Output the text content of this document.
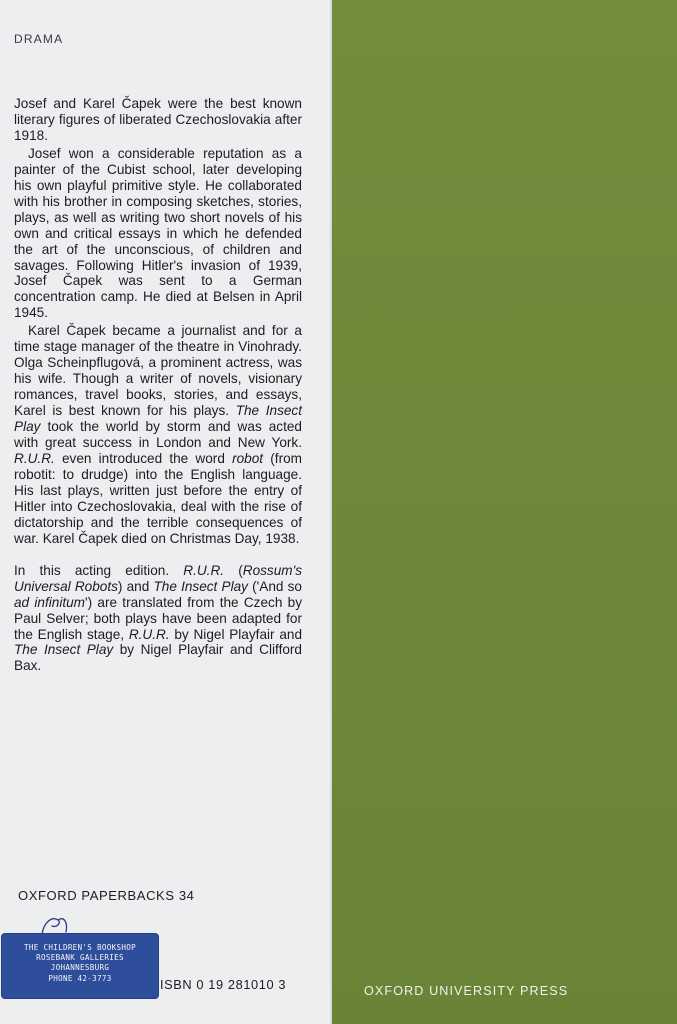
DRAMA

Josef and Karel Čapek were the best known literary figures of liberated Czechoslovakia after 1918.

Josef won a considerable reputation as a painter of the Cubist school, later developing his own playful primitive style. He collaborated with his brother in composing sketches, stories, plays, as well as writing two short novels of his own and critical essays in which he defended the art of the unconscious, of children and savages. Following Hitler's invasion of 1939, Josef Čapek was sent to a German concentration camp. He died at Belsen in April 1945.

Karel Čapek became a journalist and for a time stage manager of the theatre in Vinohrady. Olga Scheinpflugová, a prominent actress, was his wife. Though a writer of novels, visionary romances, travel books, stories, and essays, Karel is best known for his plays. The Insect Play took the world by storm and was acted with great success in London and New York. R.U.R. even introduced the word robot (from robotit: to drudge) into the English language. His last plays, written just before the entry of Hitler into Czechoslovakia, deal with the rise of dictatorship and the terrible consequences of war. Karel Čapek died on Christmas Day, 1938.

In this acting edition. R.U.R. (Rossum's Universal Robots) and The Insect Play ('And so ad infinitum') are translated from the Czech by Paul Selver; both plays have been adapted for the English stage, R.U.R. by Nigel Playfair and The Insect Play by Nigel Playfair and Clifford Bax.

OXFORD PAPERBACKS 34
THE CHILDREN'S BOOKSHOP
ROSEBANK GALLERIES
JOHANNESBURG
PHONE 42-3773	ISBN 0 19 281010 3	OXFORD UNIVERSITY PRESS
